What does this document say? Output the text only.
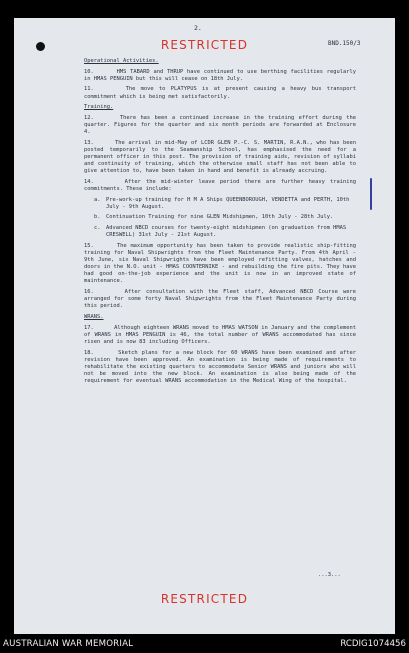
2.
RESTRICTED	BND.150/3
Operational Activities.

10.      HMS TABARD and THRUP have continued to use berthing facilities regularly in HMAS PENGUIN but this will cease on 18th July.

11.      The move to PLATYPUS is at present causing a heavy bus transport commitment which is being met satisfactorily.

Training.

12.      There has been a continued increase in the training effort during the quarter. Figures for the quarter and six month periods are forwarded at Enclosure 4.

13.      The arrival in mid-May of LCDR GLEN P.-C. S. MARTIN, R.A.N., who has been posted temporarily to the Seamanship School, has emphasised the need for a permanent officer in this post. The provision of training aids, revision of syllabi and continuity of training, which the otherwise small staff has not been able to give attention to, have been taken in hand and benefit is already accruing.

14.      After the mid-winter leave period there are further heavy training commitments. These include:

a.	Pre-work-up training for H M A Ships QUEENBOROUGH, VENDETTA and PERTH, 10th July - 9th August.
b.	Continuation Training for nine GLEN Midshipmen, 10th July - 28th July.
c.	Advanced NBCD courses for twenty-eight midshipmen (on graduation from HMAS CRESWELL) 31st July - 21st August.

15.      The maximum opportunity has been taken to provide realistic ship-fitting training for Naval Shipwrights from the Fleet Maintenance Party. From 4th April - 9th June, six Naval Shipwrights have been employed refitting valves, hatches and doors in the N.O. unit - HMAS COONTERNIKE - and rebuilding the fire pits. They have had good on-the-job experience and the unit is now in an improved state of maintenance.

16.      After consultation with the Fleet staff, Advanced NBCD Course were arranged for some forty Naval Shipwrights from the Fleet Maintenance Party during this period.

WRANS.

17.      Although eighteen WRANS moved to HMAS WATSON in January and the complement of WRANS in HMAS PENGUIN is 46, the total number of WRANS accommodated has since risen and is now 83 including Officers.

18.      Sketch plans for a new block for 60 WRANS have been examined and after revision have been approved. An examination is being made of requirements to rehabilitate the existing quarters to accommodate Senior WRANS and juniors who will not be moved into the new block. An examination is also being made of the requirement for eventual WRANS accommodation in the Medical Wing of the hospital.

...3...
RESTRICTED
AUSTRALIAN WAR MEMORIAL	RCDIG1074456
